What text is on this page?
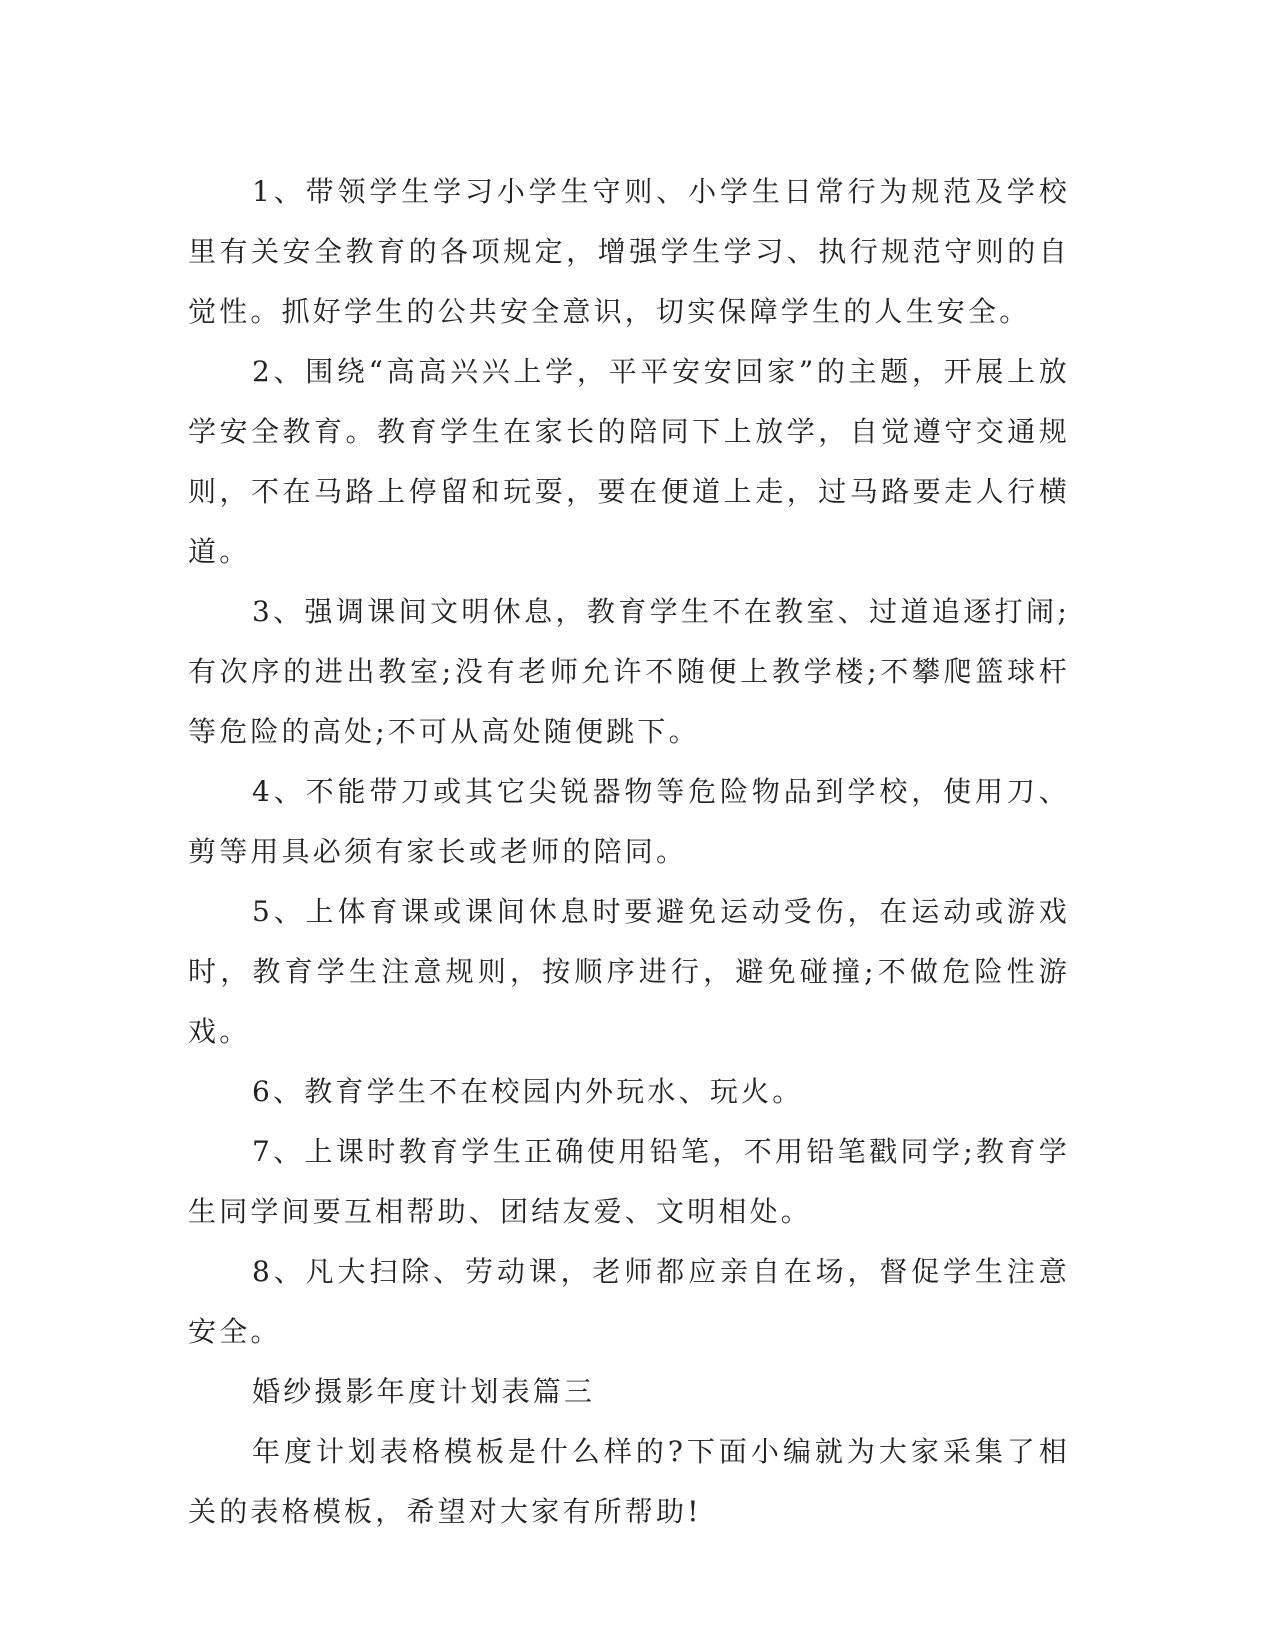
1、带领学生学习小学生守则、小学生日常行为规范及学校里有关安全教育的各项规定，增强学生学习、执行规范守则的自觉性。抓好学生的公共安全意识，切实保障学生的人生安全。

2、围绕“高高兴兴上学，平平安安回家”的主题，开展上放学安全教育。教育学生在家长的陪同下上放学，自觉遵守交通规则，不在马路上停留和玩耍，要在便道上走，过马路要走人行横道。

3、强调课间文明休息，教育学生不在教室、过道追逐打闹;有次序的进出教室;没有老师允许不随便上教学楼;不攀爬篮球杆等危险的高处;不可从高处随便跳下。

4、不能带刀或其它尖锐器物等危险物品到学校，使用刀、剪等用具必须有家长或老师的陪同。

5、上体育课或课间休息时要避免运动受伤，在运动或游戏时，教育学生注意规则，按顺序进行，避免碰撞;不做危险性游戏。

6、教育学生不在校园内外玩水、玩火。

7、上课时教育学生正确使用铅笔，不用铅笔戳同学;教育学生同学间要互相帮助、团结友爱、文明相处。

8、凡大扫除、劳动课，老师都应亲自在场，督促学生注意安全。

婚纱摄影年度计划表篇三

年度计划表格模板是什么样的?下面小编就为大家采集了相关的表格模板，希望对大家有所帮助!
